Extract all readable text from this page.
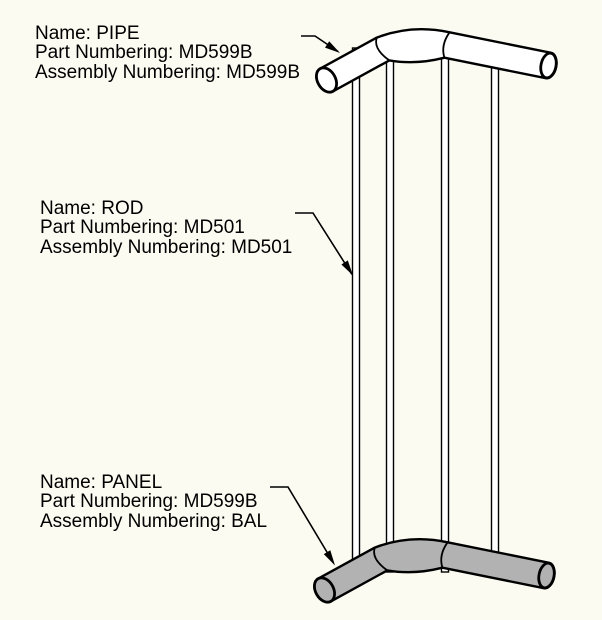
Name: PIPE
Part Numbering: MD599B
Assembly Numbering: MD599B
Name: ROD
Part Numbering: MD501
Assembly Numbering: MD501
Name: PANEL
Part Numbering: MD599B
Assembly Numbering: BAL
